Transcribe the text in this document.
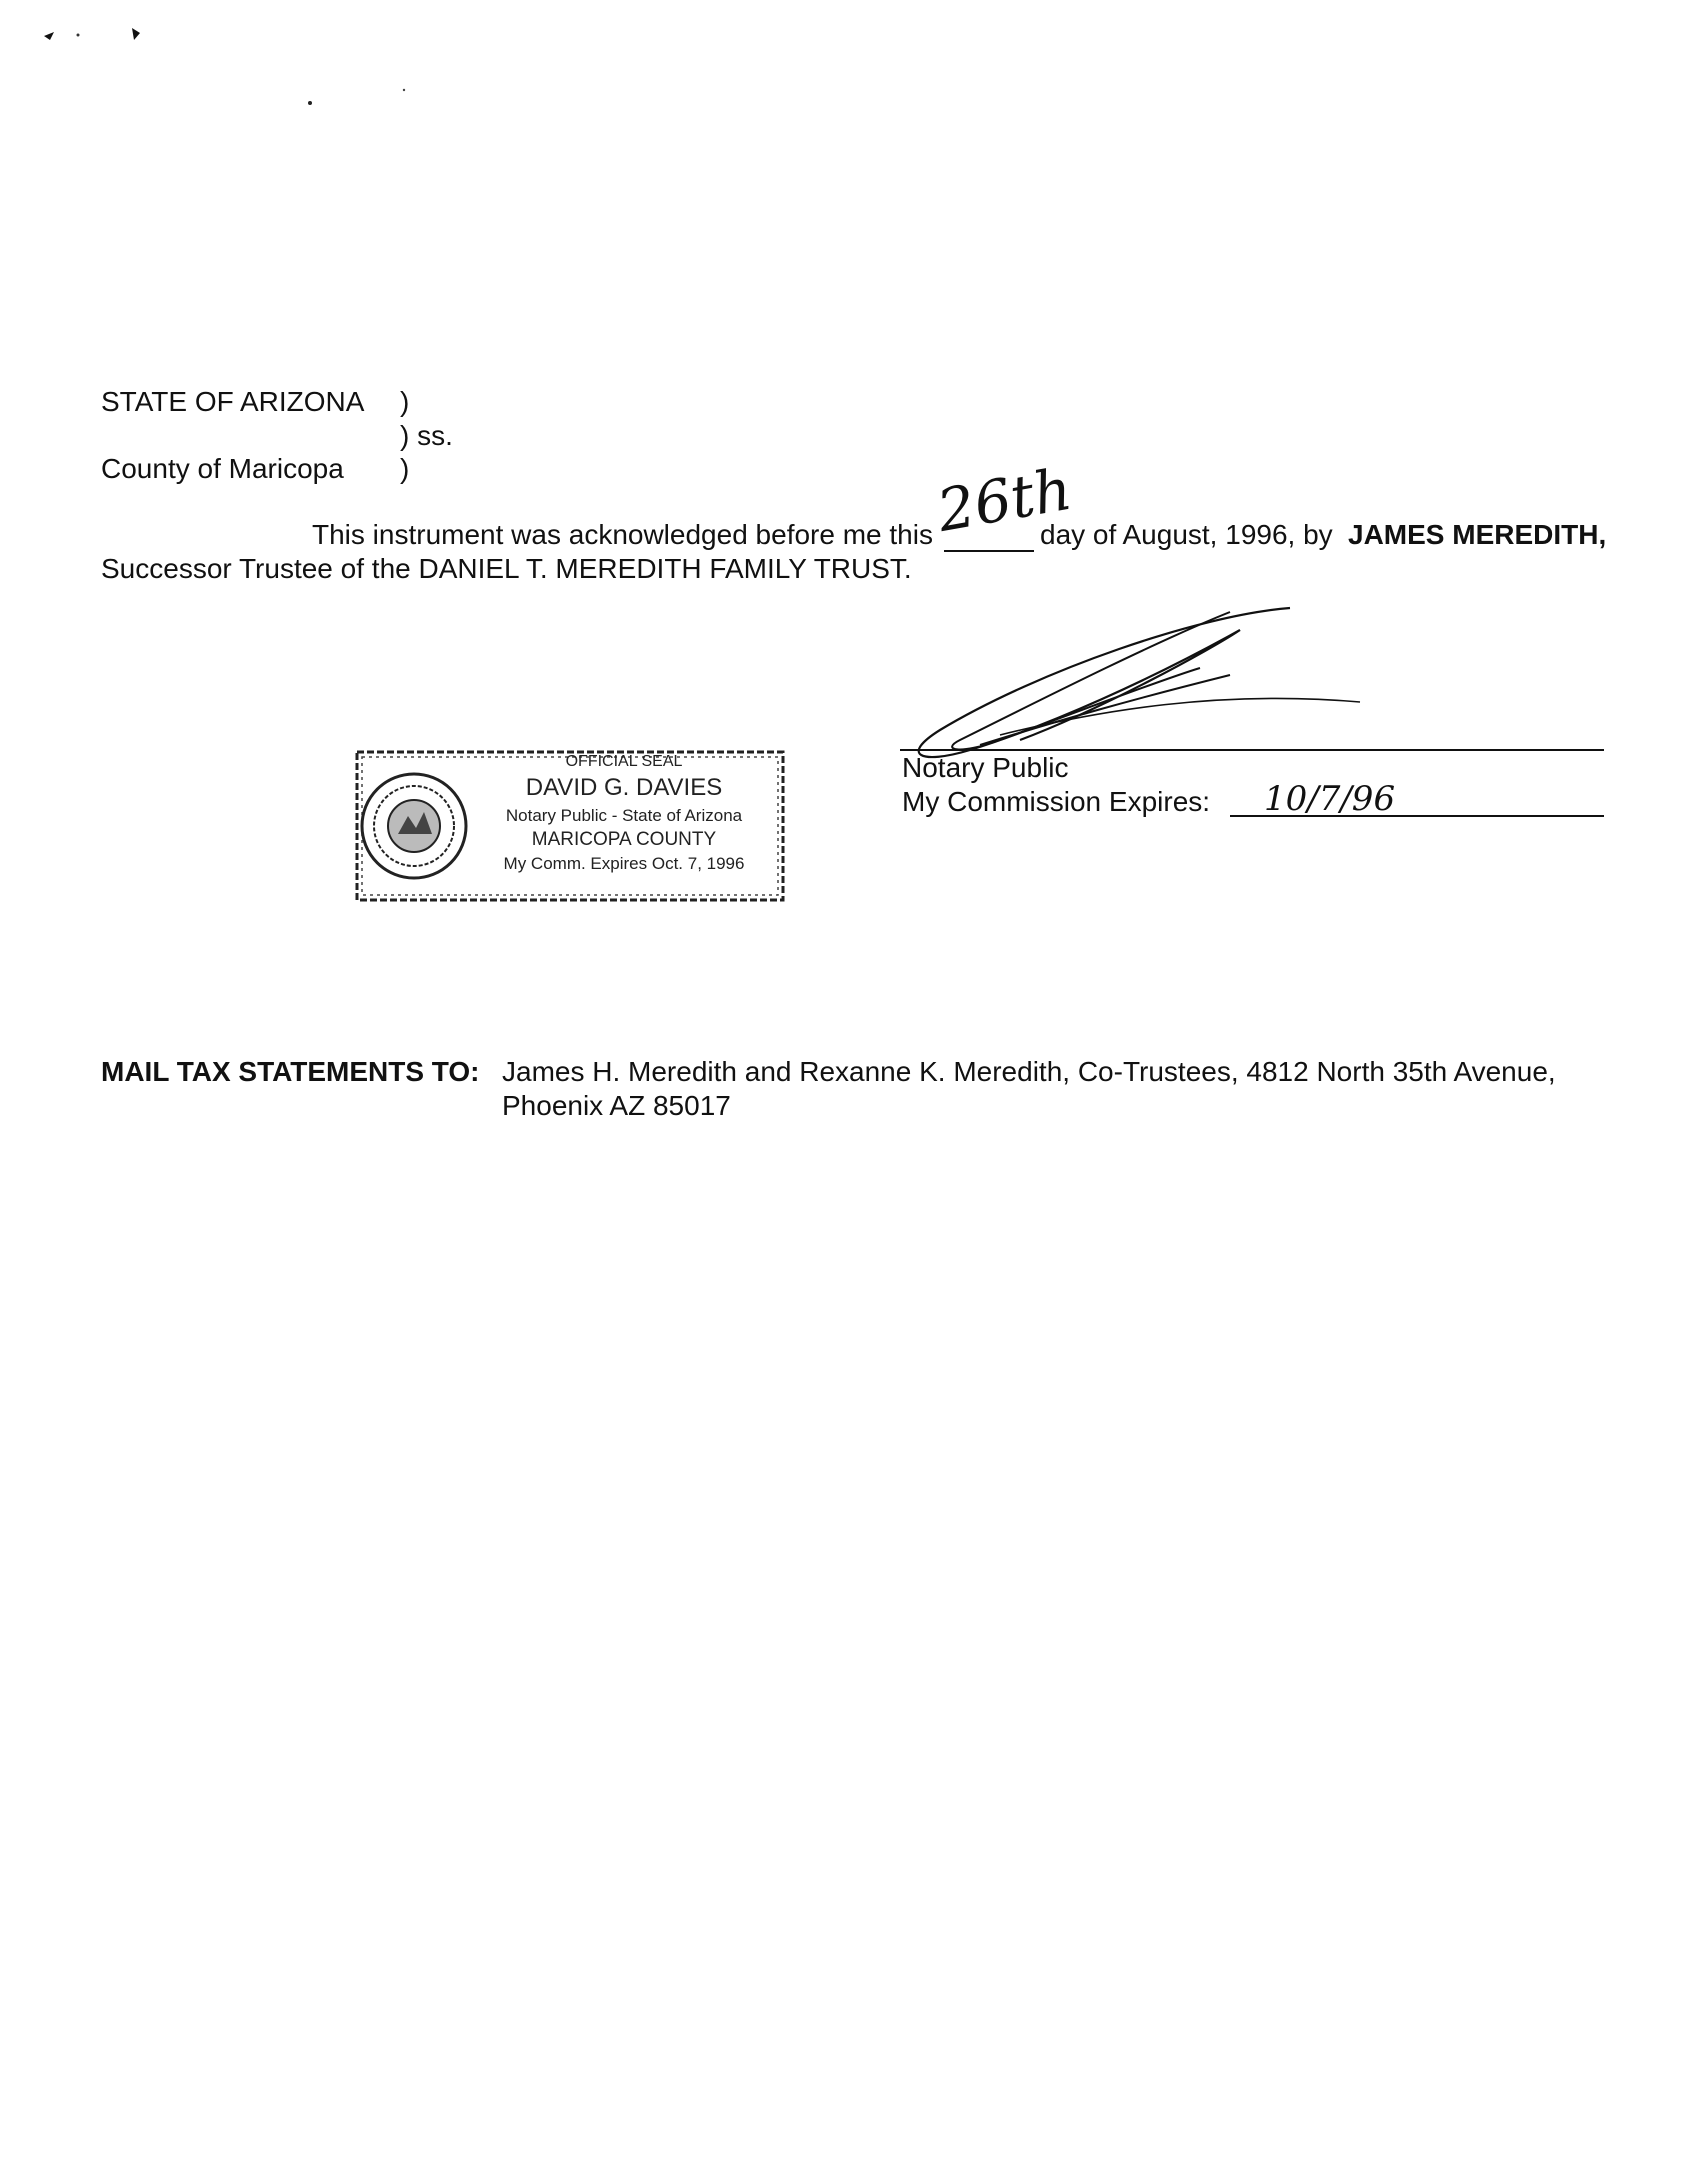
STATE OF ARIZONA )
) ss.
County of Maricopa )
This instrument was acknowledged before me this 26th
day of August, 1996, by JAMES MEREDITH,
Successor Trustee of the DANIEL T. MEREDITH FAMILY TRUST.
Notary Public
My Commission Expires: 10/7/96
OFFICIAL SEAL
DAVID G. DAVIES
Notary Public - State of Arizona
MARICOPA COUNTY
My Comm. Expires Oct. 7, 1996
MAIL TAX STATEMENTS TO: James H. Meredith and Rexanne K. Meredith, Co-Trustees, 4812 North 35th Avenue,
Phoenix AZ 85017
